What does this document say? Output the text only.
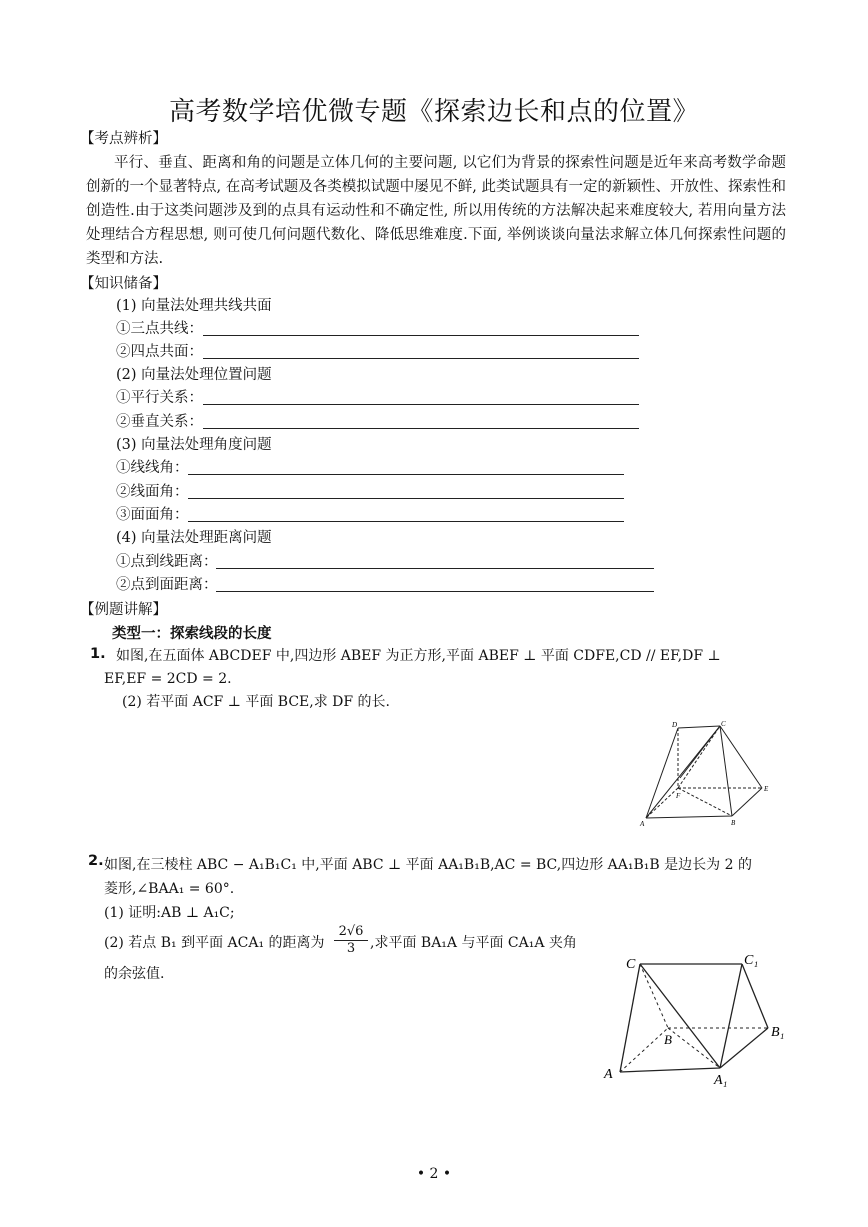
高考数学培优微专题《探索边长和点的位置》
【考点辨析】

平行、垂直、距离和角的问题是立体几何的主要问题, 以它们为背景的探索性问题是近年来高考数学命题创新的一个显著特点, 在高考试题及各类模拟试题中屡见不鲜, 此类试题具有一定的新颖性、开放性、探索性和创造性.由于这类问题涉及到的点具有运动性和不确定性, 所以用传统的方法解决起来难度较大, 若用向量方法处理结合方程思想, 则可使几何问题代数化、降低思维难度.下面, 举例谈谈向量法求解立体几何探索性问题的类型和方法.

【知识储备】
(1) 向量法处理共线共面
①三点共线：
②四点共面：
(2) 向量法处理位置问题
①平行关系：
②垂直关系：
(3) 向量法处理角度问题
①线线角：
②线面角：
③面面角：
(4) 向量法处理距离问题
①点到线距离：
②点到面距离：
【例题讲解】
类型一：探索线段的长度
1. 如图,在五面体 ABCDEF 中,四边形 ABEF 为正方形,平面 ABEF ⊥ 平面 CDFE,CD // EF,DF ⊥
EF,EF = 2CD = 2.
(2) 若平面 ACF ⊥ 平面 BCE,求 DF 的长.
D	C
F
E
A	B
2. 如图,在三棱柱 ABC − A₁B₁C₁ 中,平面 ABC ⊥ 平面 AA₁B₁B,AC = BC,四边形 AA₁B₁B 是边长为 2 的
菱形,∠BAA₁ = 60°.
(1) 证明:AB ⊥ A₁C;
(2) 若点 B₁ 到平面 ACA₁ 的距离为 $\frac{2√6}{3}$ ,求平面 BA₁A 与平面 CA₁A 夹角
的余弦值.
C	C₁
B	B₁
A	A₁
• 2 •
